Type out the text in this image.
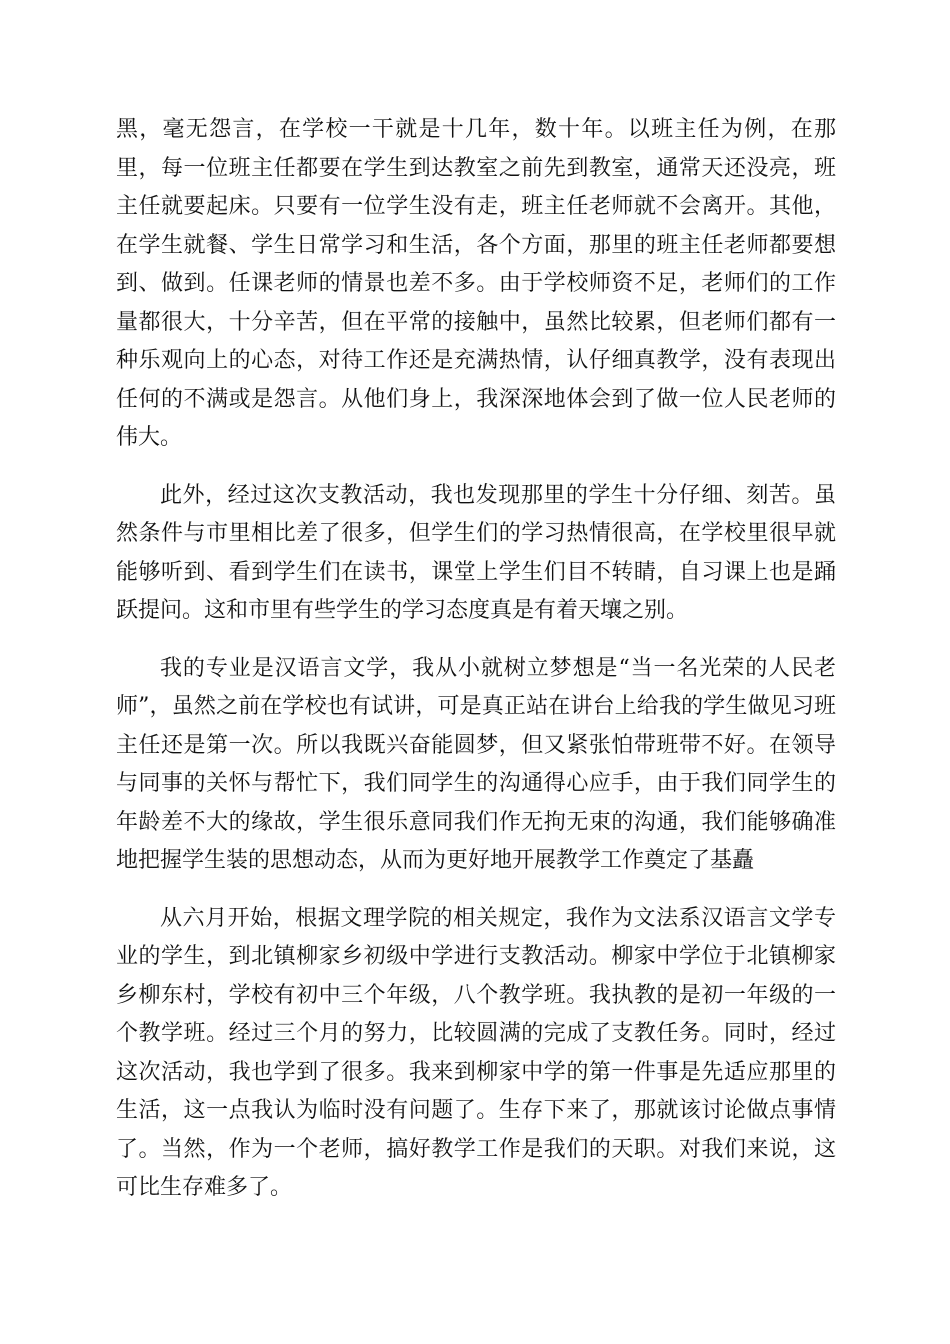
黑，毫无怨言，在学校一干就是十几年，数十年。以班主任为例，在那里，每一位班主任都要在学生到达教室之前先到教室，通常天还没亮，班主任就要起床。只要有一位学生没有走，班主任老师就不会离开。其他，在学生就餐、学生日常学习和生活，各个方面，那里的班主任老师都要想到、做到。任课老师的情景也差不多。由于学校师资不足，老师们的工作量都很大，十分辛苦，但在平常的接触中，虽然比较累，但老师们都有一种乐观向上的心态，对待工作还是充满热情，认仔细真教学，没有表现出任何的不满或是怨言。从他们身上，我深深地体会到了做一位人民老师的伟大。

此外，经过这次支教活动，我也发现那里的学生十分仔细、刻苦。虽然条件与市里相比差了很多，但学生们的学习热情很高，在学校里很早就能够听到、看到学生们在读书，课堂上学生们目不转睛，自习课上也是踊跃提问。这和市里有些学生的学习态度真是有着天壤之别。

我的专业是汉语言文学，我从小就树立梦想是“当一名光荣的人民老师”，虽然之前在学校也有试讲，可是真正站在讲台上给我的学生做见习班主任还是第一次。所以我既兴奋能圆梦，但又紧张怕带班带不好。在领导与同事的关怀与帮忙下，我们同学生的沟通得心应手，由于我们同学生的年龄差不大的缘故，学生很乐意同我们作无拘无束的沟通，我们能够确准地把握学生装的思想动态，从而为更好地开展教学工作奠定了基矗

从六月开始，根据文理学院的相关规定，我作为文法系汉语言文学专业的学生，到北镇柳家乡初级中学进行支教活动。柳家中学位于北镇柳家乡柳东村，学校有初中三个年级，八个教学班。我执教的是初一年级的一个教学班。经过三个月的努力，比较圆满的完成了支教任务。同时，经过这次活动，我也学到了很多。我来到柳家中学的第一件事是先适应那里的生活，这一点我认为临时没有问题了。生存下来了，那就该讨论做点事情了。当然，作为一个老师，搞好教学工作是我们的天职。对我们来说，这可比生存难多了。
